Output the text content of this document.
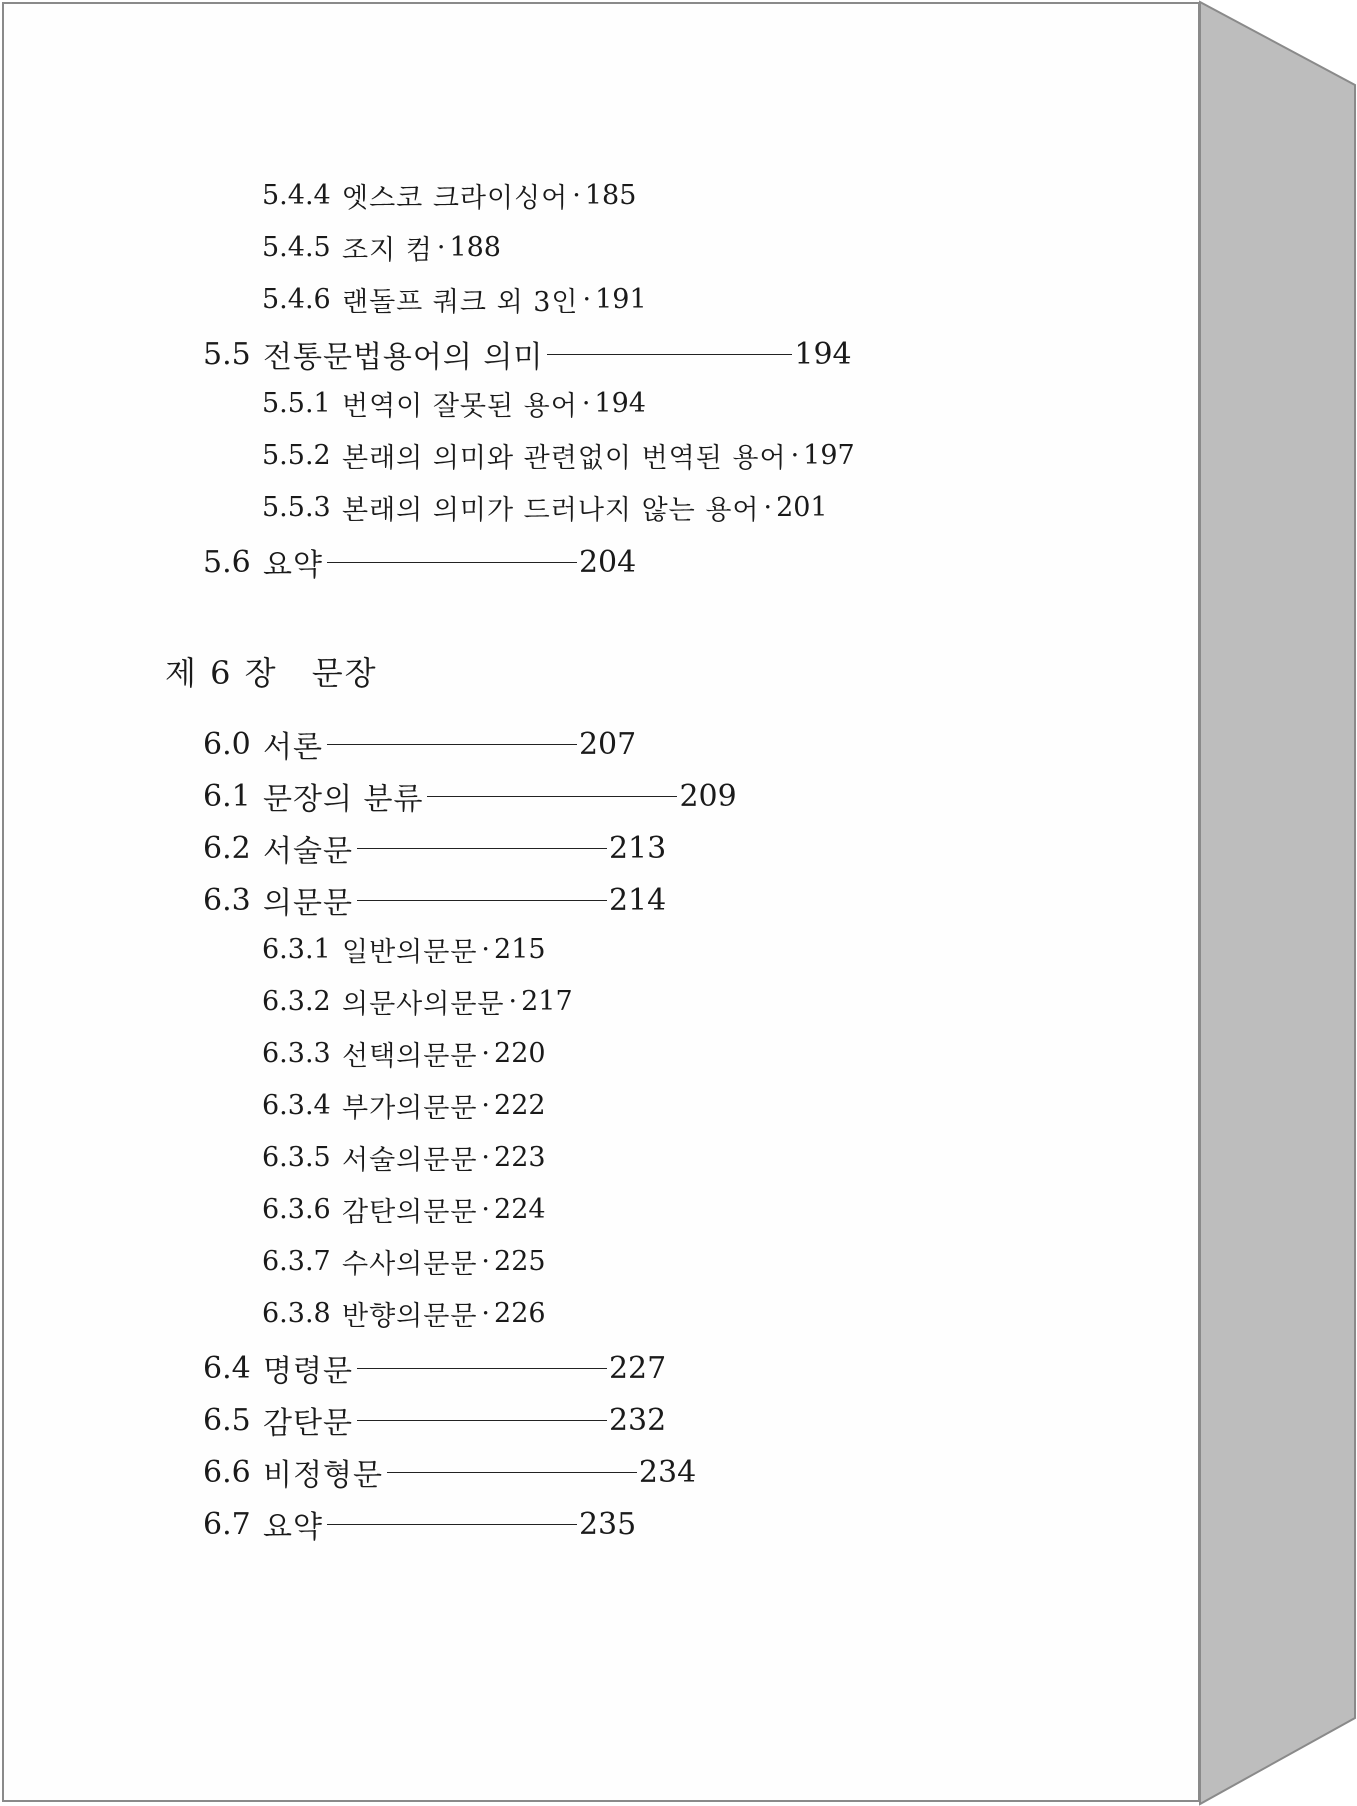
5.4.4 엣스코 크라이싱어 · 185
5.4.5 조지 컴 · 188
5.4.6 랜돌프 쿼크 외 3인 · 191
5.5 전통문법용어의 의미	194
5.5.1 번역이 잘못된 용어 · 194
5.5.2 본래의 의미와 관련없이 번역된 용어 · 197
5.5.3 본래의 의미가 드러나지 않는 용어 · 201
5.6 요약	204
제 6 장 문장
6.0 서론	207
6.1 문장의 분류	209
6.2 서술문	213
6.3 의문문	214
6.3.1 일반의문문 · 215
6.3.2 의문사의문문 · 217
6.3.3 선택의문문 · 220
6.3.4 부가의문문 · 222
6.3.5 서술의문문 · 223
6.3.6 감탄의문문 · 224
6.3.7 수사의문문 · 225
6.3.8 반향의문문 · 226
6.4 명령문	227
6.5 감탄문	232
6.6 비정형문	234
6.7 요약	235
